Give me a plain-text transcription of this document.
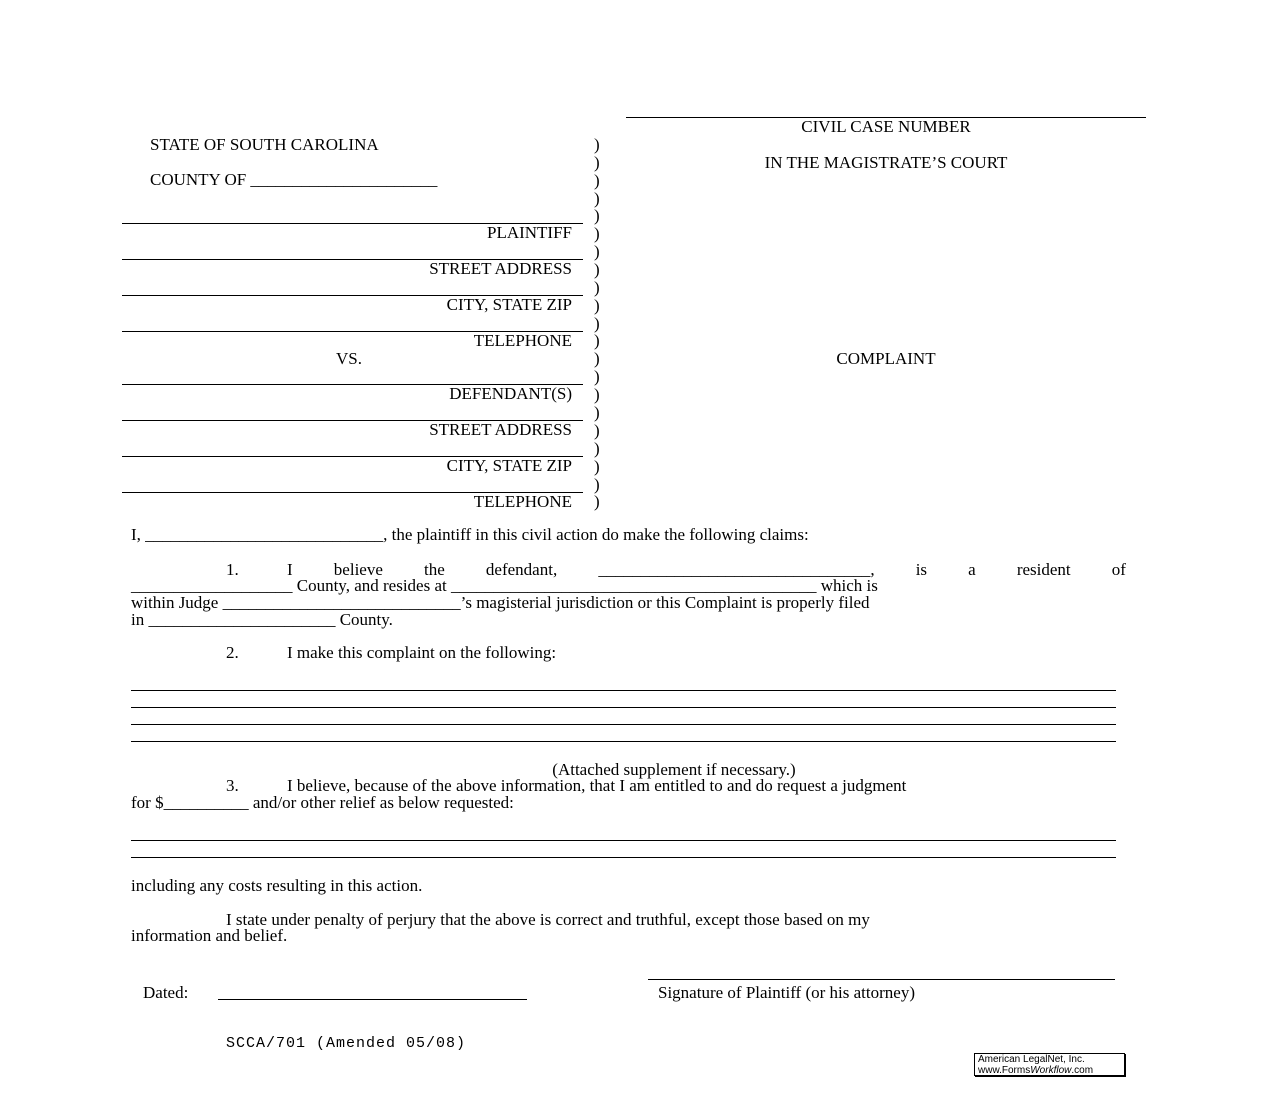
CIVIL CASE NUMBER
IN THE MAGISTRATE’S COURT
COMPLAINT
STATE OF SOUTH CAROLINA
COUNTY OF ______________________
PLAINTIFF
STREET ADDRESS
CITY, STATE ZIP
TELEPHONE
VS.
DEFENDANT(S)
STREET ADDRESS
CITY, STATE ZIP
TELEPHONE
)
)
)
)
)
)
)
)
)
)
)
)
)
)
)
)
)
)
)
)
)
I, ____________________________, the plaintiff in this civil action do make the following claims:
1.	I believe the defendant, ________________________________, is a resident of
___________________ County, and resides at ___________________________________________ which is
within Judge ____________________________’s magisterial jurisdiction or this Complaint is properly filed
in ______________________ County.
2.	I make this complaint on the following:
(Attached supplement if necessary.)
3.	I believe, because of the above information, that I am entitled to and do request a judgment
for $__________ and/or other relief as below requested:
including any costs resulting in this action.
I state under penalty of perjury that the above is correct and truthful, except those based on my
information and belief.
Dated:	Signature of Plaintiff (or his attorney)
SCCA/701 (Amended 05/08)
American LegalNet, Inc.
www.FormsWorkflow.com
